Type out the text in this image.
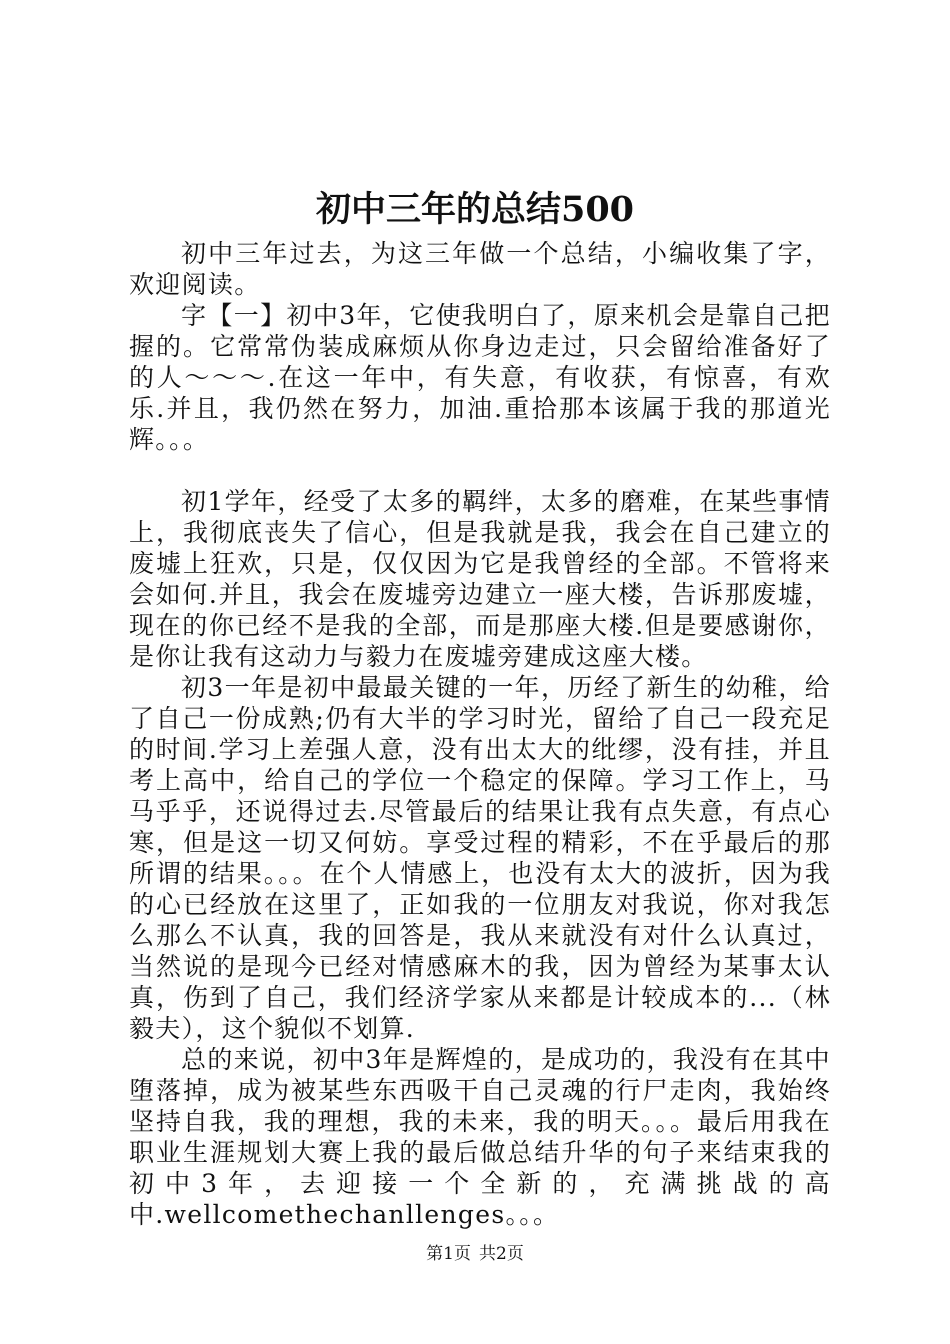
初中三年的总结500

初中三年过去，为这三年做一个总结，小编收集了字，欢迎阅读。

字【一】初中3年，它使我明白了，原来机会是靠自己把握的。它常常伪装成麻烦从你身边走过，只会留给准备好了的人～～～.在这一年中，有失意，有收获，有惊喜，有欢乐.并且，我仍然在努力，加油.重拾那本该属于我的那道光辉。。。

初1学年，经受了太多的羁绊，太多的磨难，在某些事情上，我彻底丧失了信心，但是我就是我，我会在自己建立的废墟上狂欢，只是，仅仅因为它是我曾经的全部。不管将来会如何.并且，我会在废墟旁边建立一座大楼，告诉那废墟，现在的你已经不是我的全部，而是那座大楼.但是要感谢你，是你让我有这动力与毅力在废墟旁建成这座大楼。

初3一年是初中最最关键的一年，历经了新生的幼稚，给了自己一份成熟;仍有大半的学习时光，留给了自己一段充足的时间.学习上差强人意，没有出太大的纰缪，没有挂，并且考上高中，给自己的学位一个稳定的保障。学习工作上，马马乎乎，还说得过去.尽管最后的结果让我有点失意，有点心寒，但是这一切又何妨。享受过程的精彩，不在乎最后的那所谓的结果。。。在个人情感上，也没有太大的波折，因为我的心已经放在这里了，正如我的一位朋友对我说，你对我怎么那么不认真，我的回答是，我从来就没有对什么认真过，当然说的是现今已经对情感麻木的我，因为曾经为某事太认真，伤到了自己，我们经济学家从来都是计较成本的...（林毅夫），这个貌似不划算.

总的来说，初中3年是辉煌的，是成功的，我没有在其中堕落掉，成为被某些东西吸干自己灵魂的行尸走肉，我始终坚持自我，我的理想，我的未来，我的明天。。。最后用我在职业生涯规划大赛上我的最后做总结升华的句子来结束我的初中3年，去迎接一个全新的，充满挑战的高中.wellcomethechanllenges。。。

第1页 共2页
